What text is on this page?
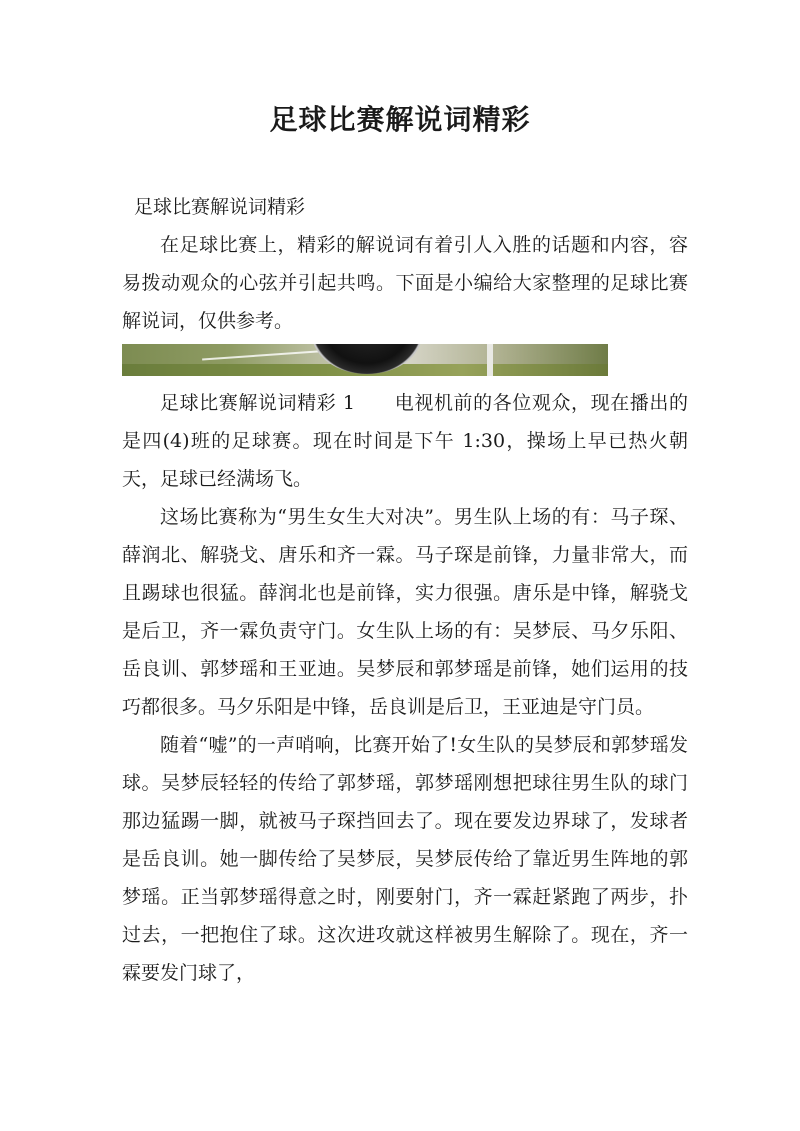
足球比赛解说词精彩
足球比赛解说词精彩

在足球比赛上，精彩的解说词有着引人入胜的话题和内容，容易拨动观众的心弦并引起共鸣。下面是小编给大家整理的足球比赛解说词，仅供参考。

足球比赛解说词精彩 1 电视机前的各位观众，现在播出的是四(4)班的足球赛。现在时间是下午 1:30，操场上早已热火朝天，足球已经满场飞。

这场比赛称为“男生女生大对决”。男生队上场的有：马子琛、薛润北、解骁戈、唐乐和齐一霖。马子琛是前锋，力量非常大，而且踢球也很猛。薛润北也是前锋，实力很强。唐乐是中锋，解骁戈是后卫，齐一霖负责守门。女生队上场的有：吴梦辰、马夕乐阳、岳良训、郭梦瑶和王亚迪。吴梦辰和郭梦瑶是前锋，她们运用的技巧都很多。马夕乐阳是中锋，岳良训是后卫，王亚迪是守门员。

随着“嘘”的一声哨响，比赛开始了!女生队的吴梦辰和郭梦瑶发球。吴梦辰轻轻的传给了郭梦瑶，郭梦瑶刚想把球往男生队的球门那边猛踢一脚，就被马子琛挡回去了。现在要发边界球了，发球者是岳良训。她一脚传给了吴梦辰，吴梦辰传给了靠近男生阵地的郭梦瑶。正当郭梦瑶得意之时，刚要射门，齐一霖赶紧跑了两步，扑过去，一把抱住了球。这次进攻就这样被男生解除了。现在，齐一霖要发门球了，
